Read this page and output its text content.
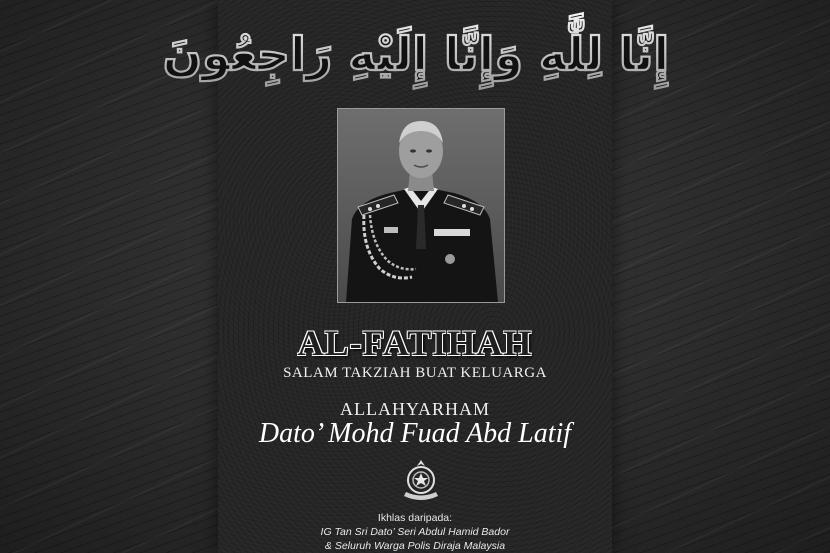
إِنَّا لِلَّٰهِ وَإِنَّا إِلَيْهِ رَاجِعُونَ
AL-FATIHAH
SALAM TAKZIAH BUAT KELUARGA
ALLAHYARHAM
Dato’ Mohd Fuad Abd Latif
Ikhlas daripada:
IG Tan Sri Dato’ Seri Abdul Hamid Bador
& Seluruh Warga Polis Diraja Malaysia
